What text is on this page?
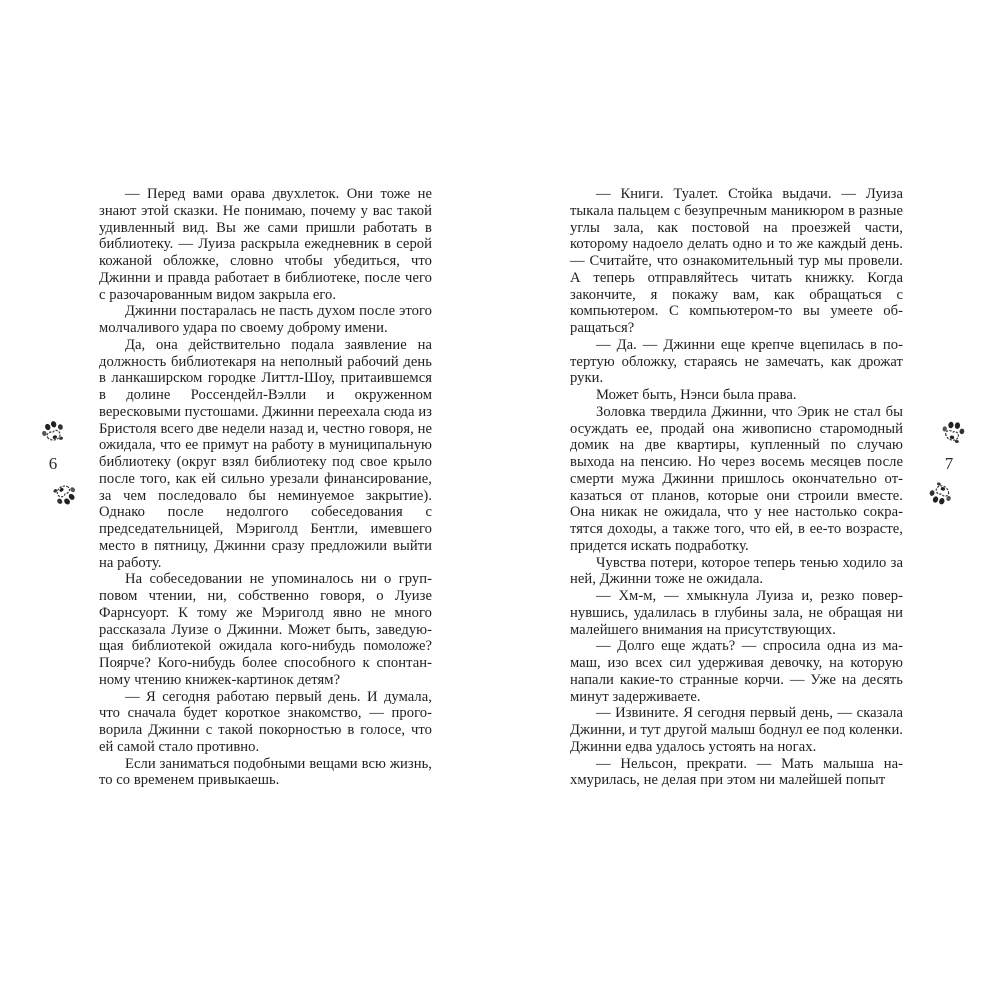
— Перед вами орава двухлеток. Они тоже не знают этой сказки. Не понимаю, почему у вас такой удивленный вид. Вы же сами пришли работать в библиотеку. — Луиза раскрыла ежедневник в серой кожаной обложке, словно чтобы убедиться, что Джинни и правда работает в библиотеке, после чего с разочарованным видом закрыла его.

Джинни постаралась не пасть духом после этого молчаливого удара по своему доброму имени.

Да, она действительно подала заявление на должность библиотекаря на неполный рабочий день в ланкаширском городке Литтл-Шоу, притаившемся в долине Россендейл-Вэлли и окруженном вересковыми пустошами. Джинни переехала сюда из Бристоля всего две недели назад и, честно говоря, не ожидала, что ее примут на работу в муниципальную библиотеку (округ взял библиотеку под свое крыло после того, как ей сильно урезали финансирование, за чем последовало бы неминуемое закрытие). Однако после недолгого собеседования с председательницей, Мэриголд Бентли, имевшего место в пятницу, Джинни сразу предложили выйти на работу.

На собеседовании не упоминалось ни о групповом чтении, ни, собственно говоря, о Луизе Фарнсуорт. К тому же Мэриголд явно не много рассказала Луизе о Джинни. Может быть, заведующая библиотекой ожидала кого-нибудь помоложе? Поярче? Кого-нибудь более способного к спонтанному чтению книжек-картинок детям?

— Я сегодня работаю первый день. И думала, что сначала будет короткое знакомство, — проговорила Джинни с такой покорностью в голосе, что ей самой стало противно.

Если заниматься подобными вещами всю жизнь, то со временем привыкаешь.

6

— Книги. Туалет. Стойка выдачи. — Луиза тыкала пальцем с безупречным маникюром в разные углы зала, как постовой на проезжей части, которому надоело делать одно и то же каждый день. — Считайте, что ознакомительный тур мы провели. А теперь отправляйтесь читать книжку. Когда закончите, я покажу вам, как обращаться с компьютером. С компьютером-то вы умеете обращаться?

— Да. — Джинни еще крепче вцепилась в потертую обложку, стараясь не замечать, как дрожат руки.

Может быть, Нэнси была права.

Золовка твердила Джинни, что Эрик не стал бы осуждать ее, продай она живописно старомодный домик на две квартиры, купленный по случаю выхода на пенсию. Но через восемь месяцев после смерти мужа Джинни пришлось окончательно отказаться от планов, которые они строили вместе. Она никак не ожидала, что у нее настолько сократятся доходы, а также того, что ей, в ее-то возрасте, придется искать подработку.

Чувства потери, которое теперь тенью ходило за ней, Джинни тоже не ожидала.

— Хм-м, — хмыкнула Луиза и, резко повернувшись, удалилась в глубины зала, не обращая ни малейшего внимания на присутствующих.

— Долго еще ждать? — спросила одна из мамаш, изо всех сил удерживая девочку, на которую напали какие-то странные корчи. — Уже на десять минут задерживаете.

— Извините. Я сегодня первый день, — сказала Джинни, и тут другой малыш боднул ее под коленки. Джинни едва удалось устоять на ногах.

— Нельсон, прекрати. — Мать малыша нахмурилась, не делая при этом ни малейшей попыт

7
